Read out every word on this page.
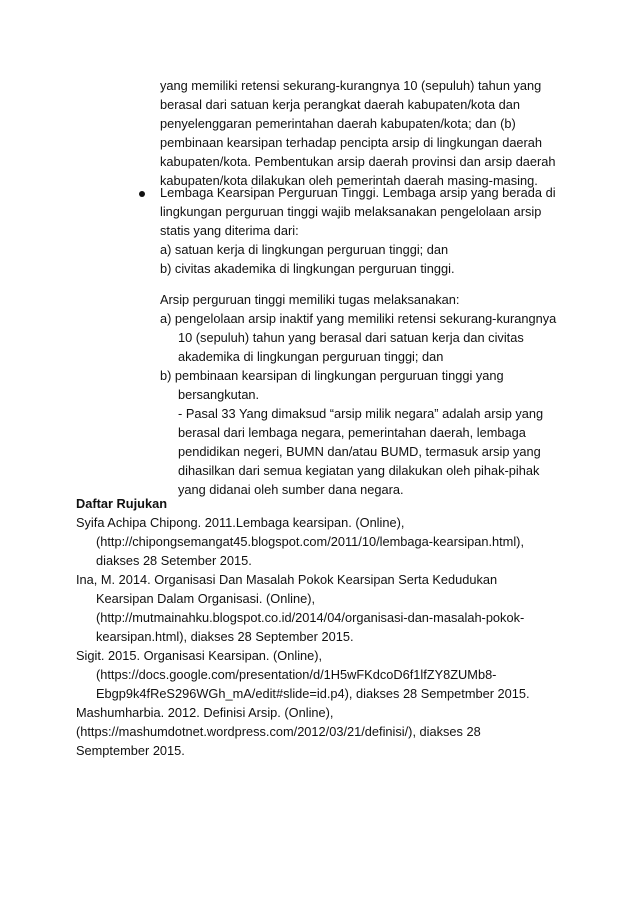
yang memiliki retensi sekurang-kurangnya 10 (sepuluh) tahun yang
berasal dari satuan kerja perangkat daerah kabupaten/kota dan
penyelenggaran pemerintahan daerah kabupaten/kota; dan (b)
pembinaan kearsipan terhadap pencipta arsip di lingkungan daerah
kabupaten/kota. Pembentukan arsip daerah provinsi dan arsip daerah
kabupaten/kota dilakukan oleh pemerintah daerah masing-masing.
Lembaga Kearsipan Perguruan Tinggi. Lembaga arsip yang berada di
lingkungan perguruan tinggi wajib melaksanakan pengelolaan arsip
statis yang diterima dari:
a) satuan kerja di lingkungan perguruan tinggi; dan
b) civitas akademika di lingkungan perguruan tinggi.
Arsip perguruan tinggi memiliki tugas melaksanakan:
a) pengelolaan arsip inaktif yang memiliki retensi sekurang-kurangnya
10 (sepuluh) tahun yang berasal dari satuan kerja dan civitas
akademika di lingkungan perguruan tinggi; dan
b) pembinaan kearsipan di lingkungan perguruan tinggi yang
bersangkutan.
- Pasal 33 Yang dimaksud “arsip milik negara” adalah arsip yang
berasal dari lembaga negara, pemerintahan daerah, lembaga
pendidikan negeri, BUMN dan/atau BUMD, termasuk arsip yang
dihasilkan dari semua kegiatan yang dilakukan oleh pihak-pihak
yang didanai oleh sumber dana negara.
Daftar Rujukan
Syifa Achipa Chipong. 2011.Lembaga kearsipan. (Online),
(http://chipongsemangat45.blogspot.com/2011/10/lembaga-kearsipan.html),
diakses 28 Setember 2015.
Ina, M. 2014. Organisasi Dan Masalah Pokok Kearsipan Serta Kedudukan
Kearsipan Dalam Organisasi. (Online),
(http://mutmainahku.blogspot.co.id/2014/04/organisasi-dan-masalah-pokok-
kearsipan.html), diakses 28 September 2015.
Sigit. 2015. Organisasi Kearsipan. (Online),
(https://docs.google.com/presentation/d/1H5wFKdcoD6f1lfZY8ZUMb8-
Ebgp9k4fReS296WGh_mA/edit#slide=id.p4), diakses 28 Sempetmber 2015.
Mashumharbia. 2012. Definisi Arsip. (Online),
(https://mashumdotnet.wordpress.com/2012/03/21/definisi/), diakses 28
Semptember 2015.
